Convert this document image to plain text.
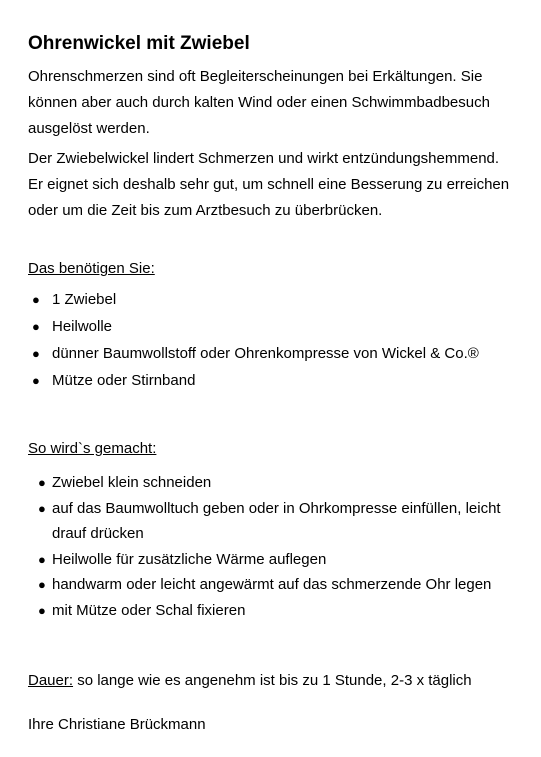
Ohrenwickel mit Zwiebel

Ohrenschmerzen sind oft Begleiterscheinungen bei Erkältungen. Sie können aber auch durch kalten Wind oder einen Schwimmbadbesuch ausgelöst werden.

Der Zwiebelwickel lindert Schmerzen und wirkt entzündungshemmend. Er eignet sich deshalb sehr gut, um schnell eine Besserung zu erreichen oder um die Zeit bis zum Arztbesuch zu überbrücken.

Das benötigen Sie:

● 1 Zwiebel
● Heilwolle
● dünner Baumwollstoff oder Ohrenkompresse von Wickel & Co.®
● Mütze oder Stirnband

So wird`s gemacht:

● Zwiebel klein schneiden
● auf das Baumwolltuch geben oder in Ohrkompresse einfüllen, leicht drauf drücken
● Heilwolle für zusätzliche Wärme auflegen
● handwarm oder leicht angewärmt auf das schmerzende Ohr legen
● mit Mütze oder Schal fixieren

Dauer: so lange wie es angenehm ist bis zu 1 Stunde, 2-3 x täglich

Ihre Christiane Brückmann
